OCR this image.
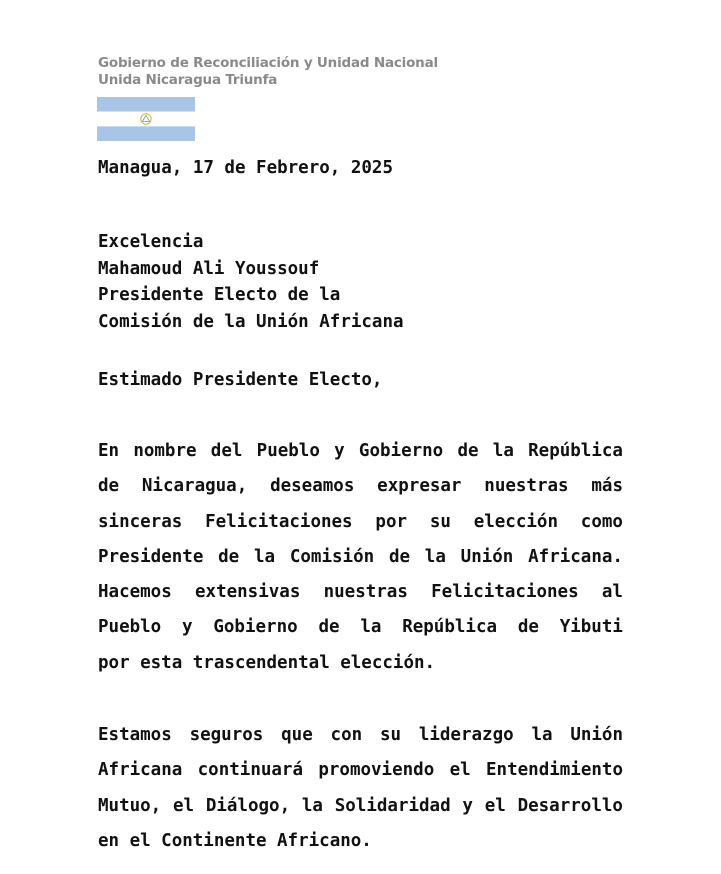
Gobierno de Reconciliación y Unidad Nacional
Unida Nicaragua Triunfa
Managua, 17 de Febrero, 2025
Excelencia
Mahamoud Ali Youssouf
Presidente Electo de la
Comisión de la Unión Africana
Estimado Presidente Electo,
En nombre del Pueblo y Gobierno de la República
de Nicaragua, deseamos expresar nuestras más
sinceras Felicitaciones por su elección como
Presidente de la Comisión de la Unión Africana.
Hacemos extensivas nuestras Felicitaciones al
Pueblo y Gobierno de la República de Yibuti
por esta trascendental elección.
Estamos seguros que con su liderazgo la Unión
Africana continuará promoviendo el Entendimiento
Mutuo, el Diálogo, la Solidaridad y el Desarrollo
en el Continente Africano.
